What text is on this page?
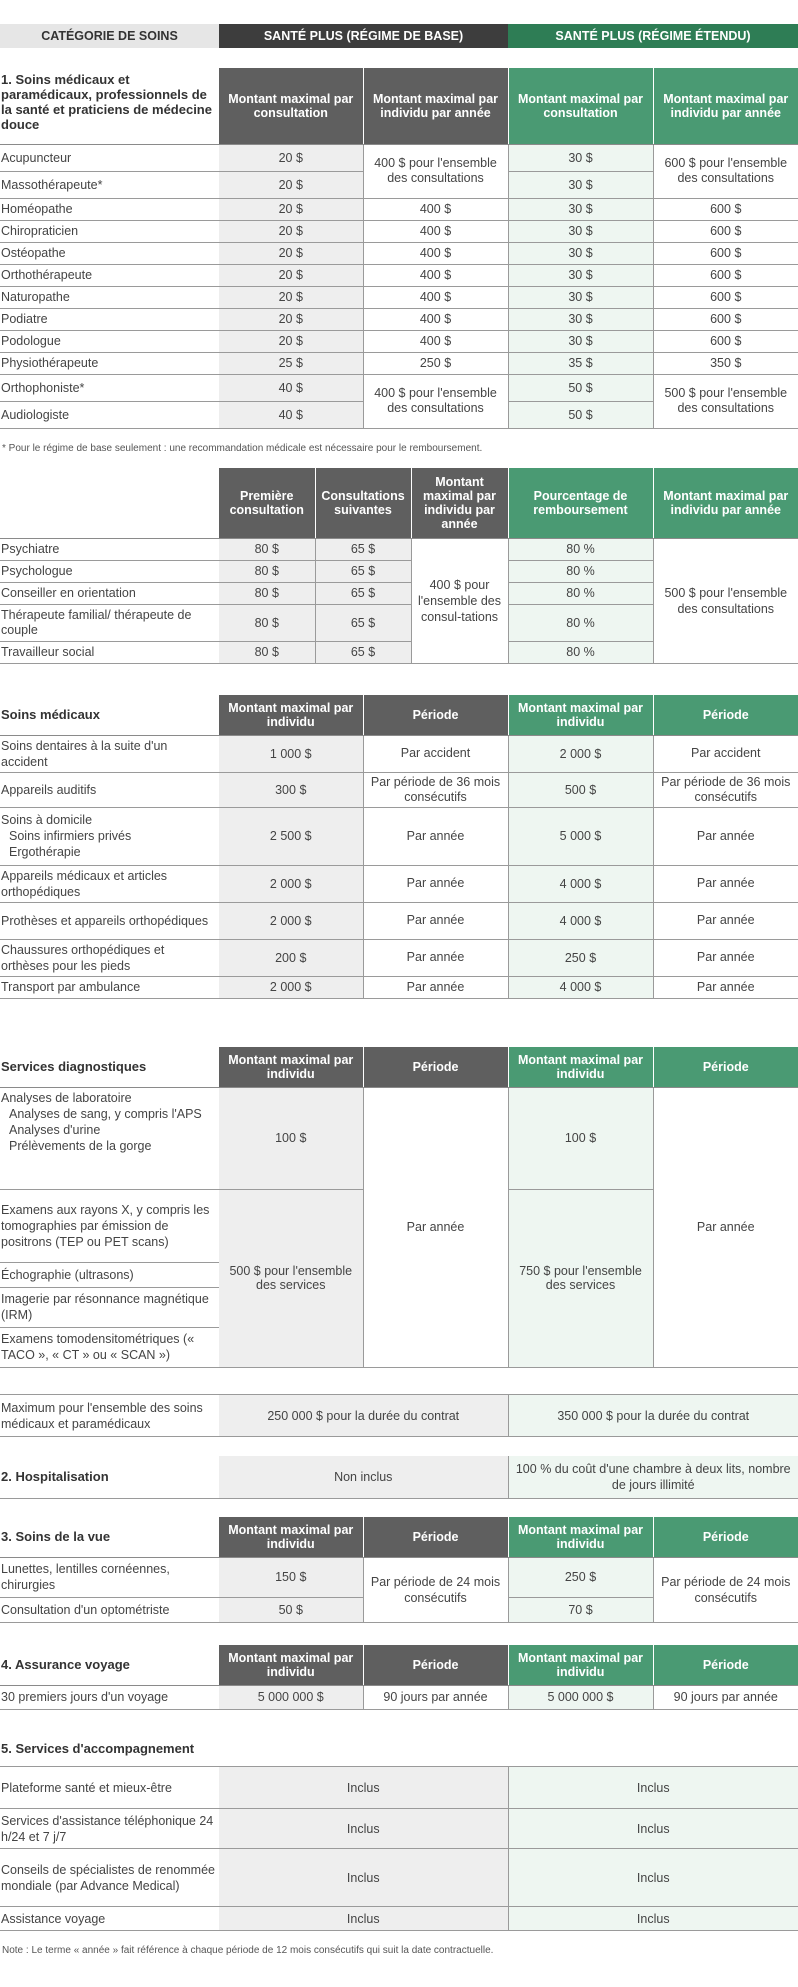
CATÉGORIE DE SOINS	SANTÉ PLUS (RÉGIME DE BASE)	SANTÉ PLUS (RÉGIME ÉTENDU)
1. Soins médicaux et paramédicaux, professionnels de la santé et praticiens de médecine douce	Montant maximal par consultation	Montant maximal par individu par année	Montant maximal par consultation	Montant maximal par individu par année
Acupuncteur	20 $	400 $ pour l'ensemble des consultations	30 $	600 $ pour l'ensemble des consultations
Massothérapeute*	20 $		30 $	
Homéopathe	20 $	400 $	30 $	600 $
Chiropraticien	20 $	400 $	30 $	600 $
Ostéopathe	20 $	400 $	30 $	600 $
Orthothérapeute	20 $	400 $	30 $	600 $
Naturopathe	20 $	400 $	30 $	600 $
Podiatre	20 $	400 $	30 $	600 $
Podologue	20 $	400 $	30 $	600 $
Physiothérapeute	25 $	250 $	35 $	350 $
Orthophoniste*	40 $	400 $ pour l'ensemble des consultations	50 $	500 $ pour l'ensemble des consultations
Audiologiste	40 $		50 $	
* Pour le régime de base seulement : une recommandation médicale est nécessaire pour le remboursement.
	Première consultation	Consultations suivantes	Montant maximal par individu par année	Pourcentage de remboursement	Montant maximal par individu par année
Psychiatre	80 $	65 $	400 $ pour l'ensemble des consul-tations	80 %	500 $ pour l'ensemble des consultations
Psychologue	80 $	65 $		80 %	
Conseiller en orientation	80 $	65 $		80 %	
Thérapeute familial/ thérapeute de couple	80 $	65 $		80 %	
Travailleur social	80 $	65 $		80 %	
Soins médicaux	Montant maximal par individu	Période	Montant maximal par individu	Période
Soins dentaires à la suite d'un accident	1 000 $	Par accident	2 000 $	Par accident
Appareils auditifs	300 $	Par période de 36 mois consécutifs	500 $	Par période de 36 mois consécutifs

Soins à domicile
Soins infirmiers privés
Ergothérapie	2 500 $	Par année	5 000 $	Par année
Appareils médicaux et articles orthopédiques	2 000 $	Par année	4 000 $	Par année
Prothèses et appareils orthopédiques	2 000 $	Par année	4 000 $	Par année
Chaussures orthopédiques et orthèses pour les pieds	200 $	Par année	250 $	Par année
Transport par ambulance	2 000 $	Par année	4 000 $	Par année
Services diagnostiques	Montant maximal par individu	Période	Montant maximal par individu	Période

Analyses de laboratoire
Analyses de sang, y compris l'APS
Analyses d'urine
Prélèvements de la gorge	100 $	Par année	100 $	Par année
Examens aux rayons X, y compris les tomographies par émission de positrons (TEP ou PET scans)	500 $ pour l'ensemble des services		750 $ pour l'ensemble des services	
Échographie (ultrasons)				
Imagerie par résonnance magnétique (IRM)				
Examens tomodensitométriques (« TACO », « CT » ou « SCAN »)				
Maximum pour l'ensemble des soins médicaux et paramédicaux	250 000 $ pour la durée du contrat	350 000 $ pour la durée du contrat
2. Hospitalisation	Non inclus	100 % du coût d'une chambre à deux lits, nombre de jours illimité
3. Soins de la vue	Montant maximal par individu	Période	Montant maximal par individu	Période
Lunettes, lentilles cornéennes, chirurgies	150 $	Par période de 24 mois consécutifs	250 $	Par période de 24 mois consécutifs
Consultation d'un optométriste	50 $		70 $	
4. Assurance voyage	Montant maximal par individu	Période	Montant maximal par individu	Période
30 premiers jours d'un voyage	5 000 000 $	90 jours par année	5 000 000 $	90 jours par année
5. Services d'accompagnement
Plateforme santé et mieux-être	Inclus	Inclus
Services d'assistance téléphonique 24 h/24 et 7 j/7	Inclus	Inclus
Conseils de spécialistes de renommée mondiale (par Advance Medical)	Inclus	Inclus
Assistance voyage	Inclus	Inclus
Note : Le terme « année » fait référence à chaque période de 12 mois consécutifs qui suit la date contractuelle.
